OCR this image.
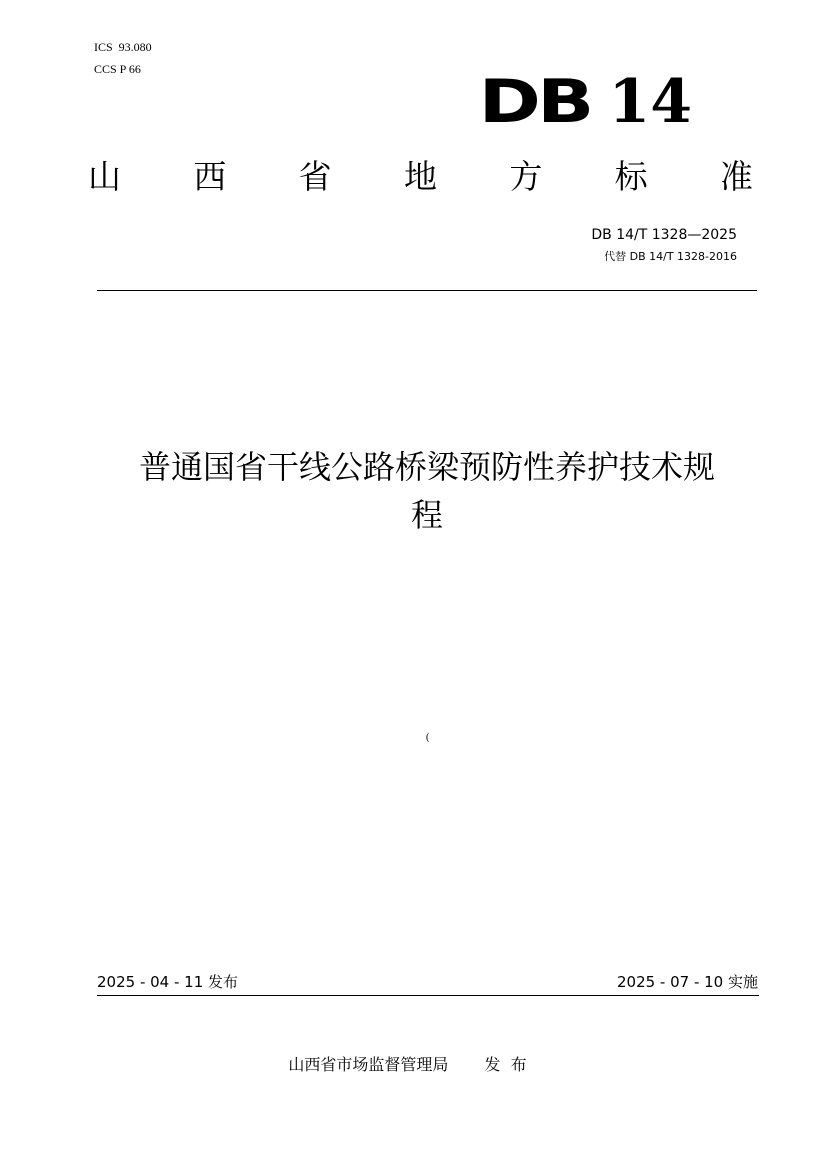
ICS  93.080
CCS P 66	DB 14
山 西 省 地 方 标 准
DB 14/T 1328—2025
代替 DB 14/T 1328-2016
普通国省干线公路桥梁预防性养护技术规
程
(
2025 - 04 - 11 发布	2025 - 07 - 10 实施
山西省市场监督管理局 发  布
